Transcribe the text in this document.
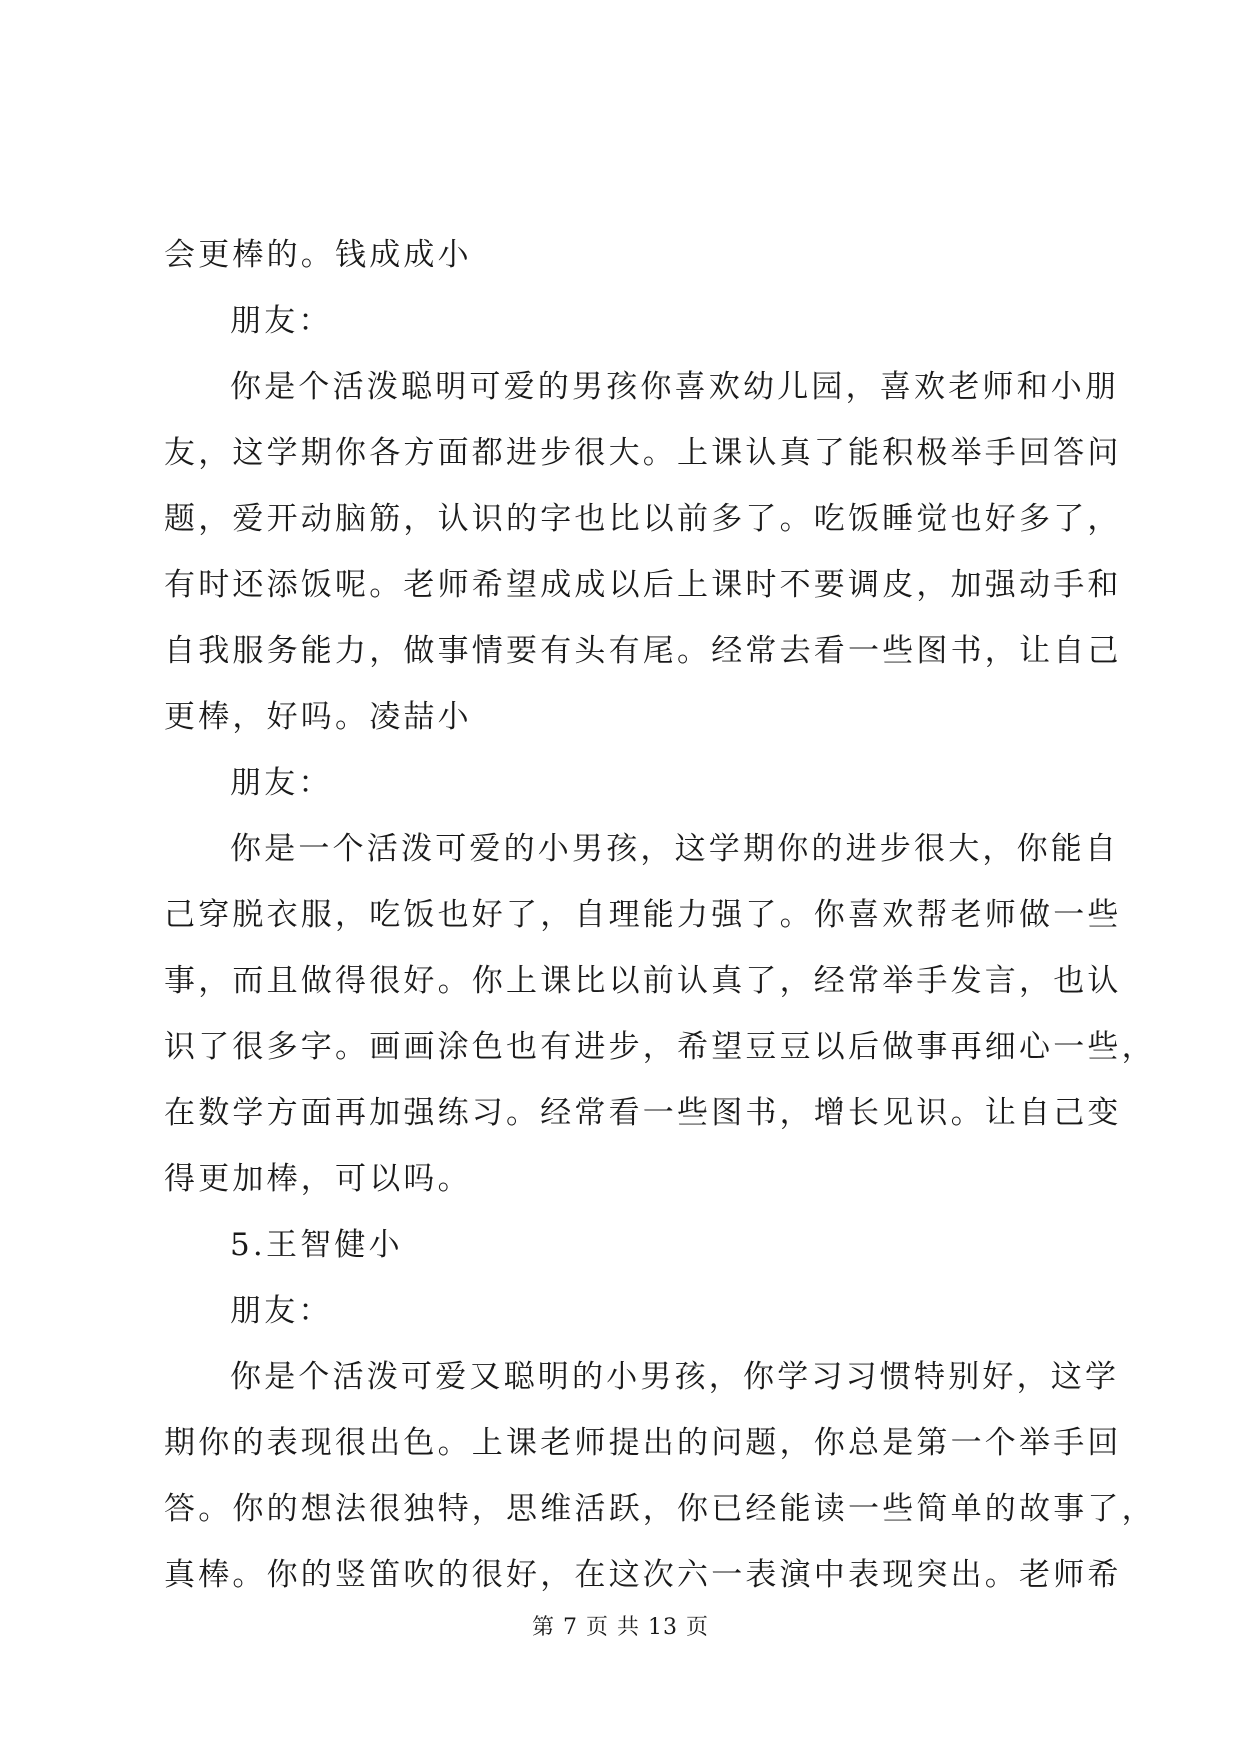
会更棒的。钱成成小
朋友：
你是个活泼聪明可爱的男孩你喜欢幼儿园，喜欢老师和小朋
友，这学期你各方面都进步很大。上课认真了能积极举手回答问
题，爱开动脑筋，认识的字也比以前多了。吃饭睡觉也好多了，
有时还添饭呢。老师希望成成以后上课时不要调皮，加强动手和
自我服务能力，做事情要有头有尾。经常去看一些图书，让自己
更棒，好吗。凌喆小
朋友：
你是一个活泼可爱的小男孩，这学期你的进步很大，你能自
己穿脱衣服，吃饭也好了，自理能力强了。你喜欢帮老师做一些
事，而且做得很好。你上课比以前认真了，经常举手发言，也认
识了很多字。画画涂色也有进步，希望豆豆以后做事再细心一些，
在数学方面再加强练习。经常看一些图书，增长见识。让自己变
得更加棒，可以吗。
5.王智健小
朋友：
你是个活泼可爱又聪明的小男孩，你学习习惯特别好，这学
期你的表现很出色。上课老师提出的问题，你总是第一个举手回
答。你的想法很独特，思维活跃，你已经能读一些简单的故事了，
真棒。你的竖笛吹的很好，在这次六一表演中表现突出。老师希
第 7 页 共 13 页
